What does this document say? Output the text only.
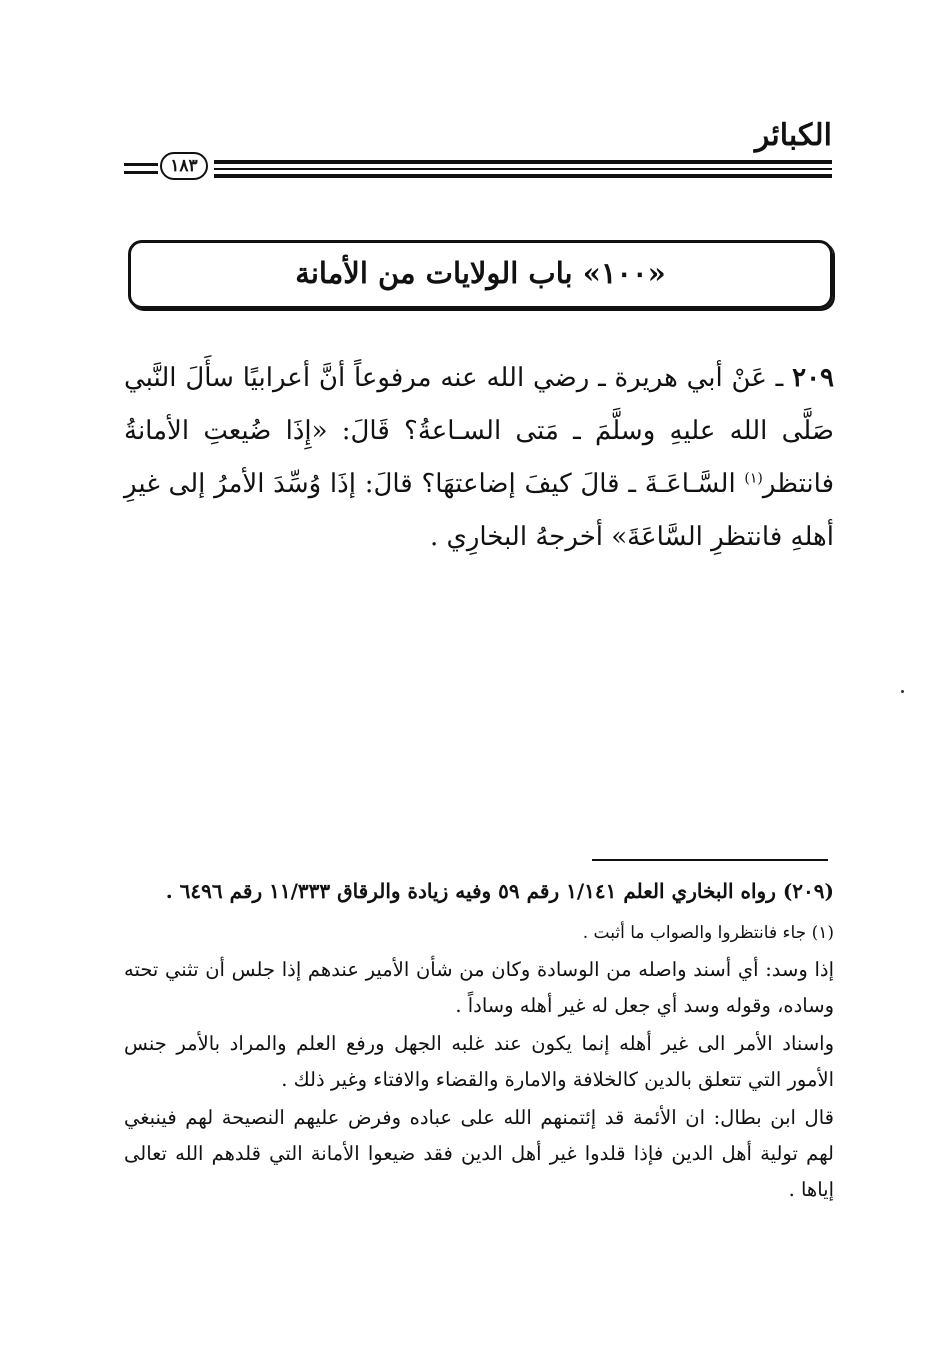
الكبائر
١٨٣
«١٠٠» باب الولايات من الأمانة

٢٠٩ ـ عَنْ أبي هريرة ـ رضي الله عنه مرفوعاً أنَّ أعرابيًا سأَلَ النَّبي صَلَّى الله عليهِ وسلَّمَ ـ مَتى السـاعةُ؟ قَالَ: «إِذَا ضُيعتِ الأمانةُ فانتظر$^{(١)}$ السَّـاعَـةَ ـ قالَ كيفَ إضاعتهَا؟ قالَ: إذَا وُسِّدَ الأمرُ إلى غيرِ أهلهِ فانتظرِ السَّاعَةَ» أخرجهُ البخارِي .

(٢٠٩) رواه البخاري العلم ١/١٤١ رقم ٥٩ وفيه زيادة والرقاق ١١/٣٣٣ رقم ٦٤٩٦ .

(١) جاء فانتظروا والصواب ما أثبت .

إذا وسد: أي أسند واصله من الوسادة وكان من شأن الأمير عندهم إذا جلس أن تثني تحته وساده، وقوله وسد أي جعل له غير أهله وساداً .

واسناد الأمر الى غير أهله إنما يكون عند غلبه الجهل ورفع العلم والمراد بالأمر جنس الأمور التي تتعلق بالدين كالخلافة والامارة والقضاء والافتاء وغير ذلك .

قال ابن بطال: ان الأئمة قد إئتمنهم الله على عباده وفرض عليهم النصيحة لهم فينبغي لهم تولية أهل الدين فإذا قلدوا غير أهل الدين فقد ضيعوا الأمانة التي قلدهم الله تعالى إياها .
